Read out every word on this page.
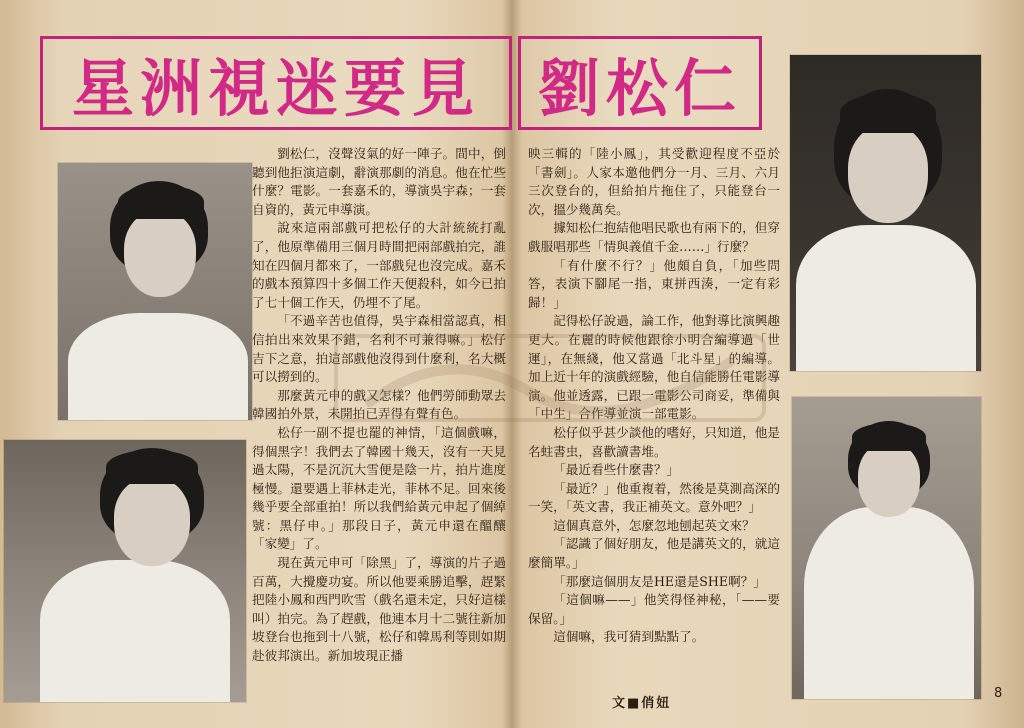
星洲視迷要見 劉松仁

劉松仁，沒聲沒氣的好一陣子。間中，倒聽到他拒演這劇，辭演那劇的消息。他在忙些什麼？電影。一套嘉禾的，導演吳宇森；一套自資的，黃元申導演。

說來這兩部戲可把松仔的大計統統打亂了，他原準備用三個月時間把兩部戲拍完，誰知在四個月都來了，一部戲兒也沒完成。嘉禾的戲本預算四十多個工作天便殺科，如今已拍了七十個工作天，仍埋不了尾。

「不過辛苦也值得，吳宇森相當認真，相信拍出來效果不錯，名利不可兼得嘛。」松仔吉下之意，拍這部戲他沒得到什麼利，名大概可以撈到的。

那麼黃元申的戲又怎樣？他們勞師動眾去韓國拍外景，未開拍已弄得有聲有色。

松仔一副不提也罷的神情，「這個戲嘛，得個黑字！我們去了韓國十幾天，沒有一天見過太陽，不是沉沉大雪便是陰一片，拍片進度極慢。還要遇上菲林走光，菲林不足。回來後幾乎要全部重拍！所以我們給黃元申起了個綽號：黑仔申。」那段日子，黃元申還在醞釀「家變」了。

現在黃元申可「除黑」了，導演的片子過百萬，大攪慶功宴。所以他要乘勝追擊，趕緊把陸小鳳和西門吹雪（戲名還未定，只好這樣叫）拍完。為了趕戲，他連本月十二號往新加坡登台也拖到十八號，松仔和韓馬利等則如期赴彼邦演出。新加坡現正播

映三輯的「陸小鳳」，其受歡迎程度不亞於「書劍」。人家本邀他們分一月、三月、六月三次登台的，但給拍片拖住了，只能登台一次，搵少幾萬矣。

據知松仁抱結他唱民歌也有兩下的，但穿戲服唱那些「情與義值千金……」行麼？

「有什麼不行？」他頗自負，「加些問答，表演下腳尾一指，東拼西湊，一定有彩歸！」

記得松仔說過，論工作，他對導比演興趣更大。在麗的時候他跟徐小明合編導過「世運」，在無綫，他又當過「北斗星」的編導。加上近十年的演戲經驗，他自信能勝任電影導演。他並透露，已跟一電影公司商妥，準備與「中生」合作導並演一部電影。

松仔似乎甚少談他的嗜好，只知道，他是名蛀書虫，喜歡讀書堆。

「最近看些什麼書？」

「最近？」他重複着，然後是莫測高深的一笑，「英文書，我正補英文。意外吧？」

這個真意外，怎麼忽地刨起英文來？

「認識了個好朋友，他是講英文的，就這麼簡單。」

「那麼這個朋友是HE還是SHE啊？」

「這個嘛——」他笑得怪神秘，「——要保留。」

這個嘛，我可猜到點點了。

文■俏妞
8
